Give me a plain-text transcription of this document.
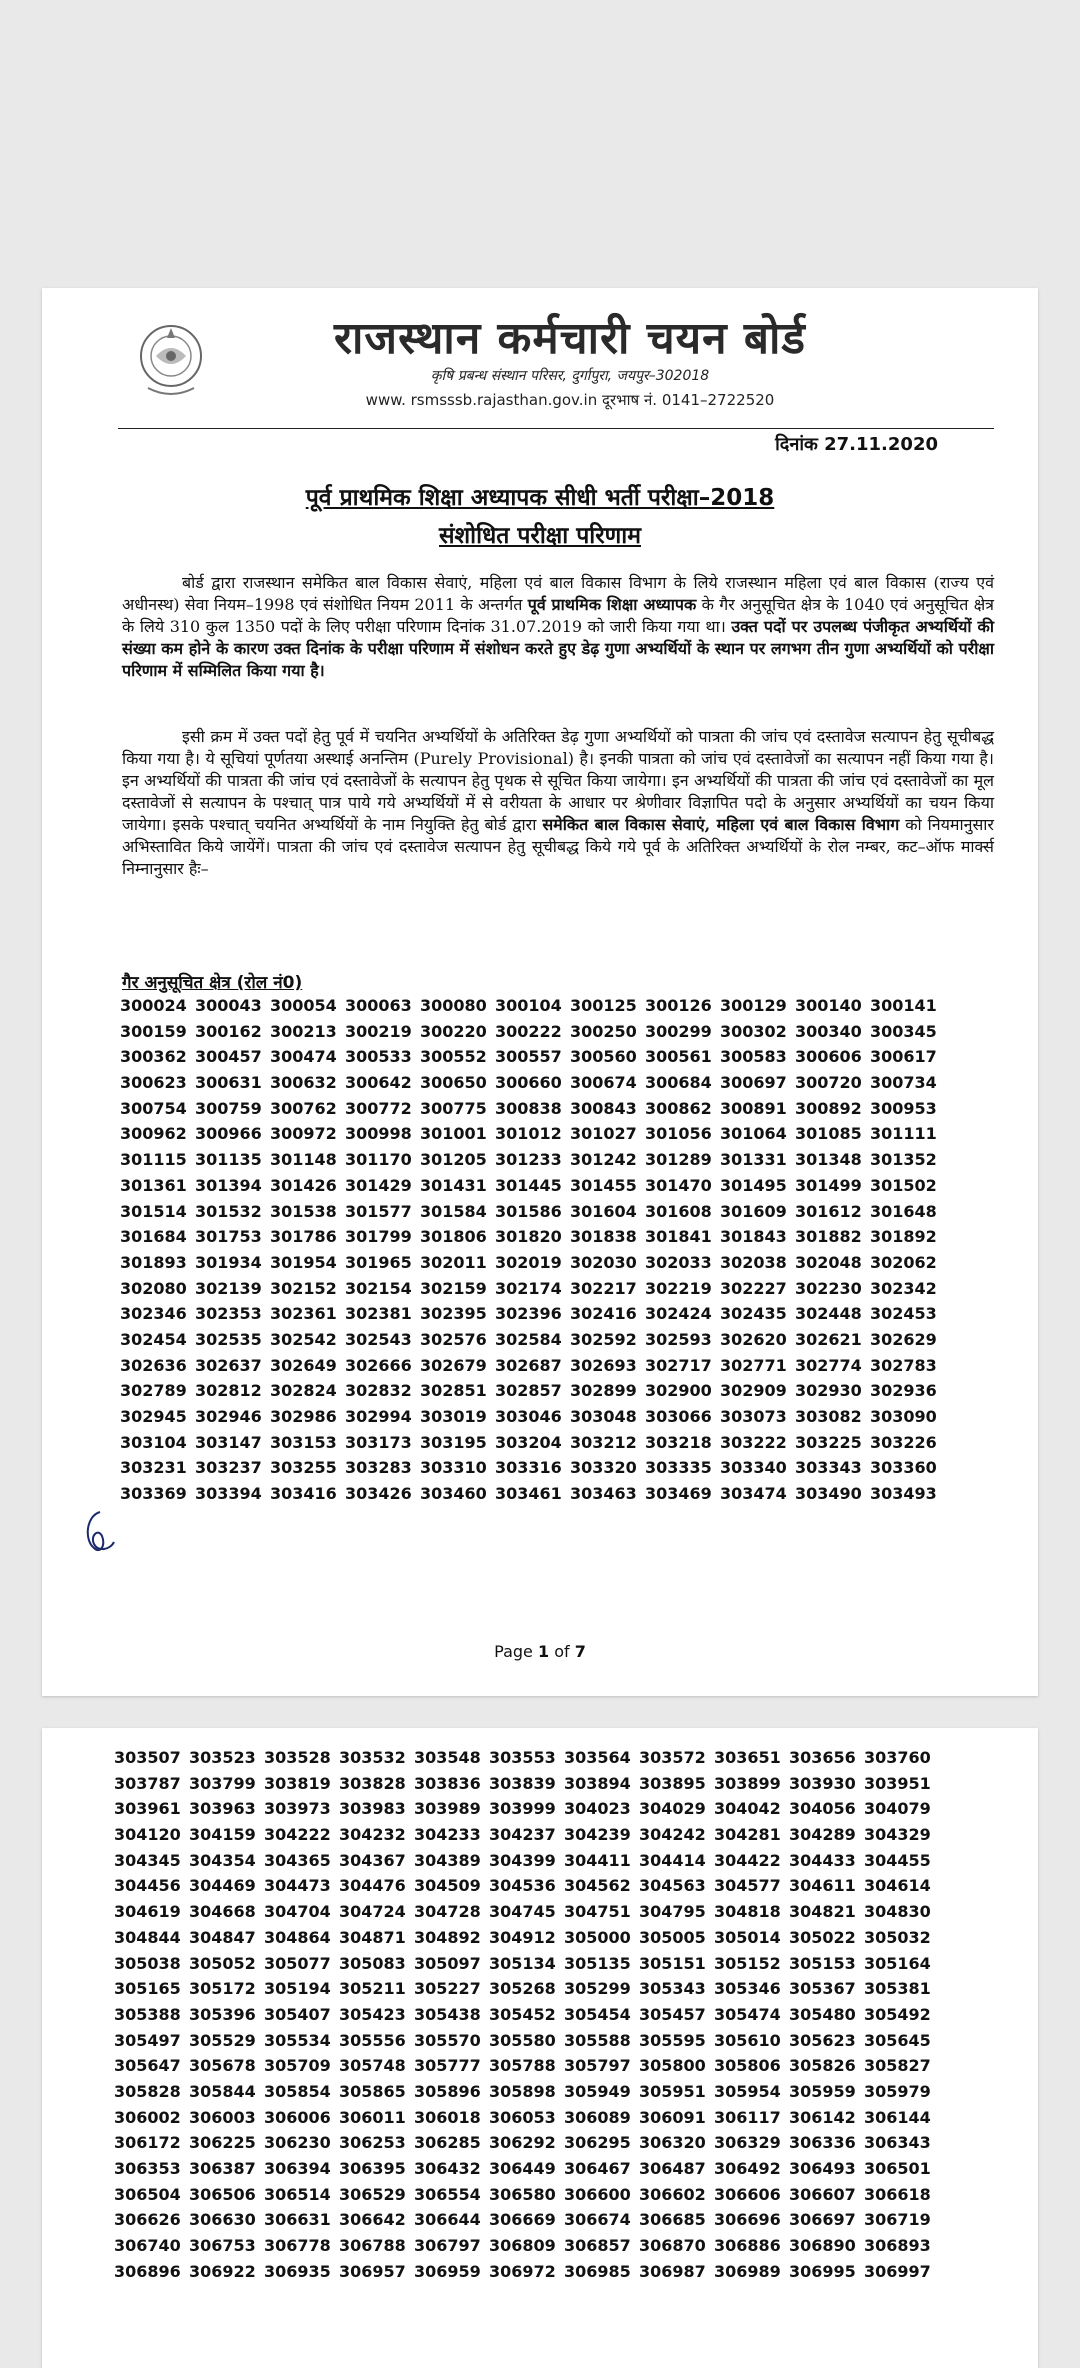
राजस्थान कर्मचारी चयन बोर्ड
कृषि प्रबन्ध संस्थान परिसर, दुर्गापुरा, जयपुर–302018
www. rsmsssb.rajasthan.gov.in दूरभाष नं. 0141–2722520
दिनांक 27.11.2020
पूर्व प्राथमिक शिक्षा अध्यापक सीधी भर्ती परीक्षा–2018
संशोधित परीक्षा परिणाम
बोर्ड द्वारा राजस्थान समेकित बाल विकास सेवाएं, महिला एवं बाल विकास विभाग के लिये राजस्थान महिला एवं बाल विकास (राज्य एवं अधीनस्थ) सेवा नियम–1998 एवं संशोधित नियम 2011 के अन्तर्गत पूर्व प्राथमिक शिक्षा अध्यापक के गैर अनुसूचित क्षेत्र के 1040 एवं अनुसूचित क्षेत्र के लिये 310 कुल 1350 पदों के लिए परीक्षा परिणाम दिनांक 31.07.2019 को जारी किया गया था। उक्त पदों पर उपलब्ध पंजीकृत अभ्यर्थियों की संख्या कम होने के कारण उक्त दिनांक के परीक्षा परिणाम में संशोधन करते हुए डेढ़ गुणा अभ्यर्थियों के स्थान पर लगभग तीन गुणा अभ्यर्थियों को परीक्षा परिणाम में सम्मिलित किया गया है।
इसी क्रम में उक्त पदों हेतु पूर्व में चयनित अभ्यर्थियों के अतिरिक्त डेढ़ गुणा अभ्यर्थियों को पात्रता की जांच एवं दस्तावेज सत्यापन हेतु सूचीबद्ध किया गया है। ये सूचियां पूर्णतया अस्थाई अनन्तिम (Purely Provisional) है। इनकी पात्रता को जांच एवं दस्तावेजों का सत्यापन नहीं किया गया है। इन अभ्यर्थियों की पात्रता की जांच एवं दस्तावेजों के सत्यापन हेतु पृथक से सूचित किया जायेगा। इन अभ्यर्थियों की पात्रता की जांच एवं दस्तावेजों का मूल दस्तावेजों से सत्यापन के पश्चात् पात्र पाये गये अभ्यर्थियों में से वरीयता के आधार पर श्रेणीवार विज्ञापित पदो के अनुसार अभ्यर्थियों का चयन किया जायेगा। इसके पश्चात् चयनित अभ्यर्थियों के नाम नियुक्ति हेतु बोर्ड द्वारा समेकित बाल विकास सेवाएं, महिला एवं बाल विकास विभाग को नियमानुसार अभिस्तावित किये जायेंगें। पात्रता की जांच एवं दस्तावेज सत्यापन हेतु सूचीबद्ध किये गये पूर्व के अतिरिक्त अभ्यर्थियों के रोल नम्बर, कट–ऑफ मार्क्स निम्नानुसार हैः–
गैर अनुसूचित क्षेत्र (रोल नं0)
300024 300043 300054 300063 300080 300104 300125 300126 300129 300140 300141
300159 300162 300213 300219 300220 300222 300250 300299 300302 300340 300345
300362 300457 300474 300533 300552 300557 300560 300561 300583 300606 300617
300623 300631 300632 300642 300650 300660 300674 300684 300697 300720 300734
300754 300759 300762 300772 300775 300838 300843 300862 300891 300892 300953
300962 300966 300972 300998 301001 301012 301027 301056 301064 301085 301111
301115 301135 301148 301170 301205 301233 301242 301289 301331 301348 301352
301361 301394 301426 301429 301431 301445 301455 301470 301495 301499 301502
301514 301532 301538 301577 301584 301586 301604 301608 301609 301612 301648
301684 301753 301786 301799 301806 301820 301838 301841 301843 301882 301892
301893 301934 301954 301965 302011 302019 302030 302033 302038 302048 302062
302080 302139 302152 302154 302159 302174 302217 302219 302227 302230 302342
302346 302353 302361 302381 302395 302396 302416 302424 302435 302448 302453
302454 302535 302542 302543 302576 302584 302592 302593 302620 302621 302629
302636 302637 302649 302666 302679 302687 302693 302717 302771 302774 302783
302789 302812 302824 302832 302851 302857 302899 302900 302909 302930 302936
302945 302946 302986 302994 303019 303046 303048 303066 303073 303082 303090
303104 303147 303153 303173 303195 303204 303212 303218 303222 303225 303226
303231 303237 303255 303283 303310 303316 303320 303335 303340 303343 303360
303369 303394 303416 303426 303460 303461 303463 303469 303474 303490 303493
Page 1 of 7
303507 303523 303528 303532 303548 303553 303564 303572 303651 303656 303760
303787 303799 303819 303828 303836 303839 303894 303895 303899 303930 303951
303961 303963 303973 303983 303989 303999 304023 304029 304042 304056 304079
304120 304159 304222 304232 304233 304237 304239 304242 304281 304289 304329
304345 304354 304365 304367 304389 304399 304411 304414 304422 304433 304455
304456 304469 304473 304476 304509 304536 304562 304563 304577 304611 304614
304619 304668 304704 304724 304728 304745 304751 304795 304818 304821 304830
304844 304847 304864 304871 304892 304912 305000 305005 305014 305022 305032
305038 305052 305077 305083 305097 305134 305135 305151 305152 305153 305164
305165 305172 305194 305211 305227 305268 305299 305343 305346 305367 305381
305388 305396 305407 305423 305438 305452 305454 305457 305474 305480 305492
305497 305529 305534 305556 305570 305580 305588 305595 305610 305623 305645
305647 305678 305709 305748 305777 305788 305797 305800 305806 305826 305827
305828 305844 305854 305865 305896 305898 305949 305951 305954 305959 305979
306002 306003 306006 306011 306018 306053 306089 306091 306117 306142 306144
306172 306225 306230 306253 306285 306292 306295 306320 306329 306336 306343
306353 306387 306394 306395 306432 306449 306467 306487 306492 306493 306501
306504 306506 306514 306529 306554 306580 306600 306602 306606 306607 306618
306626 306630 306631 306642 306644 306669 306674 306685 306696 306697 306719
306740 306753 306778 306788 306797 306809 306857 306870 306886 306890 306893
306896 306922 306935 306957 306959 306972 306985 306987 306989 306995 306997
